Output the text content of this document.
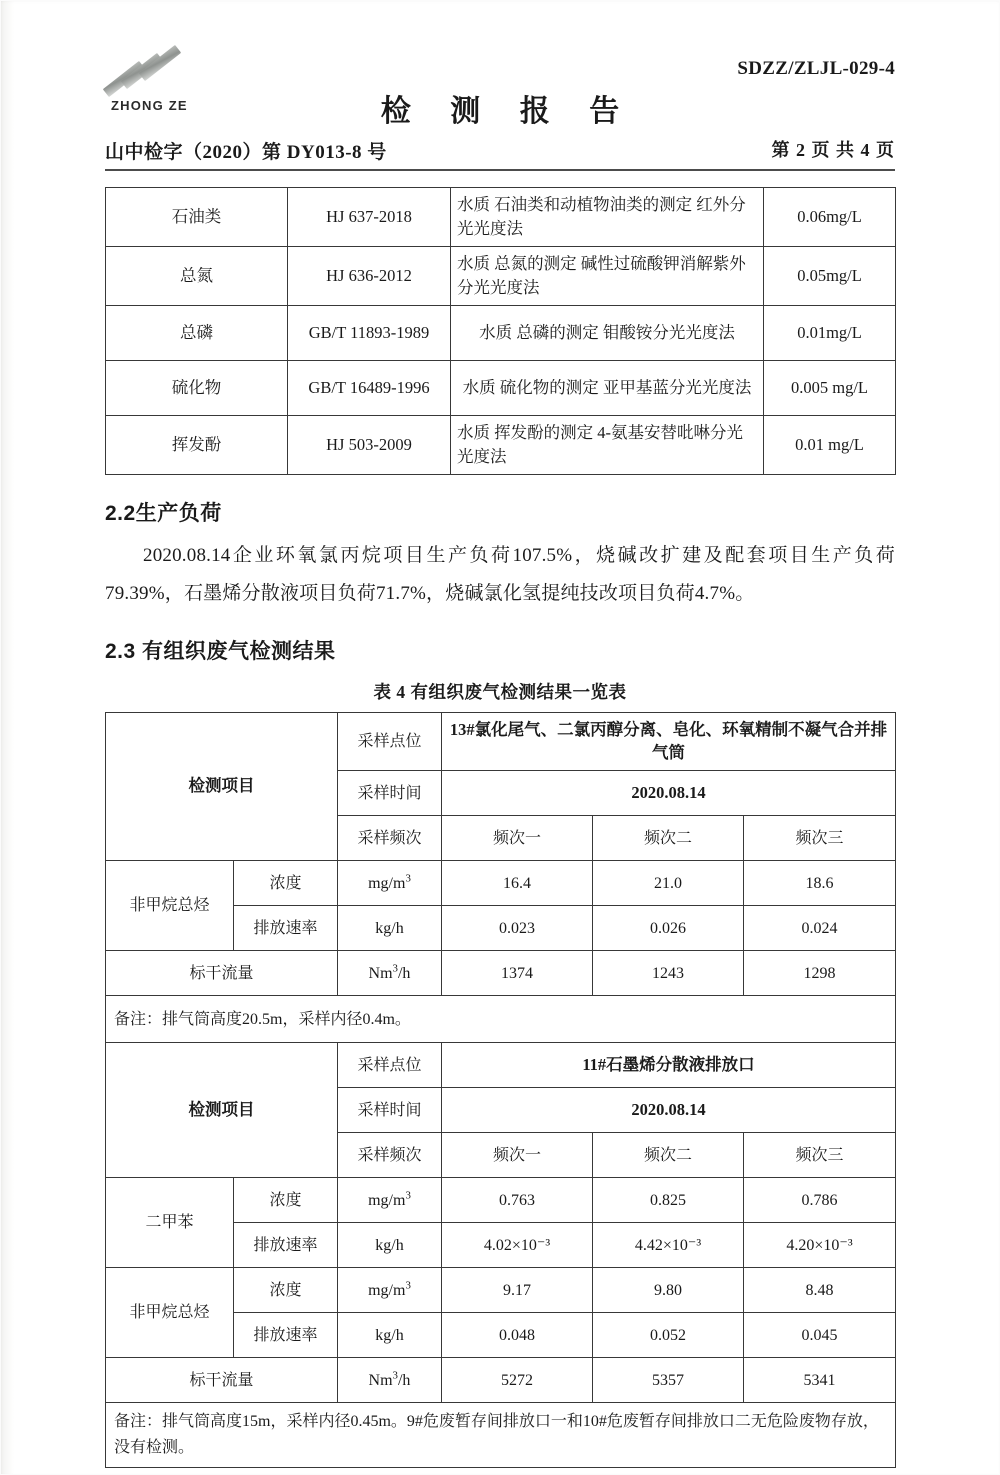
ZHONG ZE
SDZZ/ZLJL-029-4
检 测 报 告
山中检字（2020）第 DY013-8 号	第 2 页 共 4 页
石油类	HJ 637-2018	水质 石油类和动植物油类的测定 红外分光光度法	0.06mg/L
总氮	HJ 636-2012	水质 总氮的测定 碱性过硫酸钾消解紫外分光光度法	0.05mg/L
总磷	GB/T 11893-1989	水质 总磷的测定 钼酸铵分光光度法	0.01mg/L
硫化物	GB/T 16489-1996	水质 硫化物的测定 亚甲基蓝分光光度法	0.005 mg/L
挥发酚	HJ 503-2009	水质 挥发酚的测定 4-氨基安替吡啉分光光度法	0.01 mg/L
2.2生产负荷

2020.08.14企业环氧氯丙烷项目生产负荷107.5%，烧碱改扩建及配套项目生产负荷79.39%，石墨烯分散液项目负荷71.7%，烧碱氯化氢提纯技改项目负荷4.7%。

2.3 有组织废气检测结果
表 4 有组织废气检测结果一览表
检测项目		采样点位	13#氯化尾气、二氯丙醇分离、皂化、环氧精制不凝气合并排气筒		
		采样时间	2020.08.14		
		采样频次	频次一	频次二	频次三
非甲烷总烃	浓度	$mg/m^3$	16.4	21.0	18.6
	排放速率	kg/h	0.023	0.026	0.024
标干流量		Nm$^3$/h	1374	1243	1298
备注：排气筒高度20.5m，采样内径0.4m。					
检测项目		采样点位	11#石墨烯分散液排放口		
		采样时间	2020.08.14		
		采样频次	频次一	频次二	频次三
二甲苯	浓度	$mg/m^3$	0.763	0.825	0.786
	排放速率	kg/h	4.02×10⁻³	4.42×10⁻³	4.20×10⁻³
非甲烷总烃	浓度	$mg/m^3$	9.17	9.80	8.48
	排放速率	kg/h	0.048	0.052	0.045
标干流量		Nm$^3$/h	5272	5357	5341
备注：排气筒高度15m，采样内径0.45m。9#危废暂存间排放口一和10#危废暂存间排放口二无危险废物存放，没有检测。					
